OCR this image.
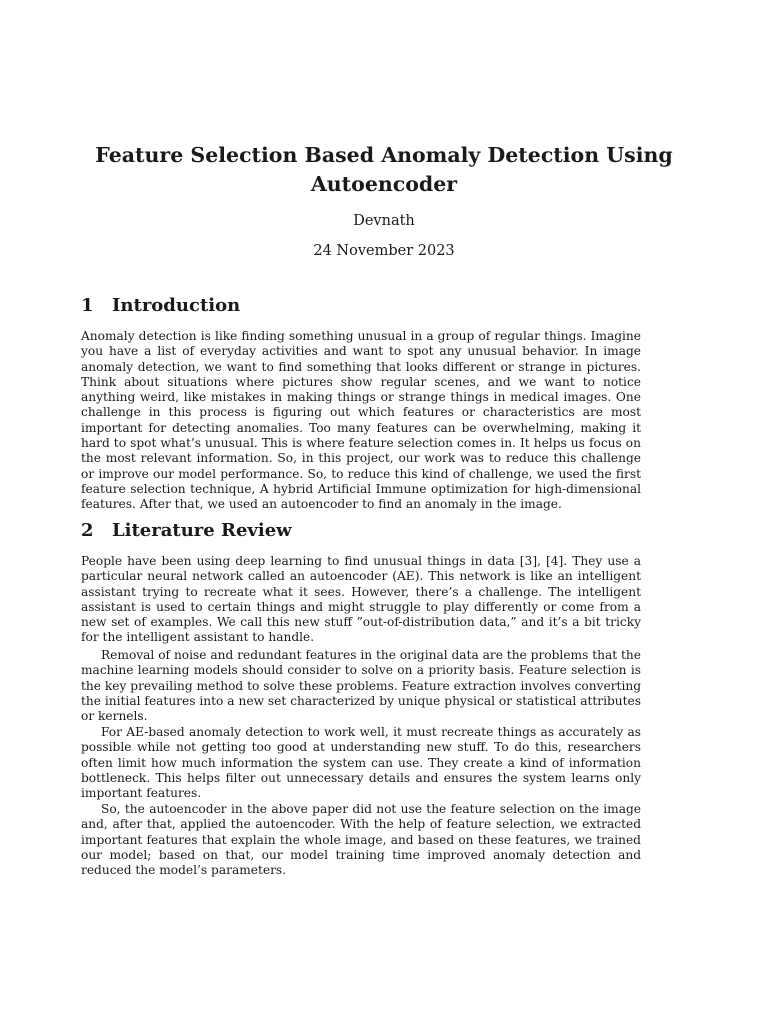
Feature Selection Based Anomaly Detection Using Autoencoder
Devnath
24 November 2023
1 Introduction

Anomaly detection is like finding something unusual in a group of regular things. Imagine you have a list of everyday activities and want to spot any unusual behavior. In image anomaly detection, we want to find something that looks different or strange in pictures. Think about situations where pictures show regular scenes, and we want to notice anything weird, like mistakes in making things or strange things in medical images. One challenge in this process is figuring out which features or characteristics are most important for detecting anomalies. Too many features can be overwhelming, making it hard to spot what’s unusual. This is where feature selection comes in. It helps us focus on the most relevant information. So, in this project, our work was to reduce this challenge or improve our model performance. So, to reduce this kind of challenge, we used the first feature selection technique, A hybrid Artificial Immune optimization for high-dimensional features. After that, we used an autoencoder to find an anomaly in the image.

2 Literature Review

People have been using deep learning to find unusual things in data [3], [4]. They use a particular neural network called an autoencoder (AE). This network is like an intelligent assistant trying to recreate what it sees. However, there’s a challenge. The intelligent assistant is used to certain things and might struggle to play differently or come from a new set of examples. We call this new stuff ”out-of-distribution data,” and it’s a bit tricky for the intelligent assistant to handle.

Removal of noise and redundant features in the original data are the problems that the machine learning models should consider to solve on a priority basis. Feature selection is the key prevailing method to solve these problems. Feature extraction involves converting the initial features into a new set characterized by unique physical or statistical attributes or kernels.

For AE-based anomaly detection to work well, it must recreate things as accurately as possible while not getting too good at understanding new stuff. To do this, researchers often limit how much information the system can use. They create a kind of information bottleneck. This helps filter out unnecessary details and ensures the system learns only important features.

So, the autoencoder in the above paper did not use the feature selection on the image and, after that, applied the autoencoder. With the help of feature selection, we extracted important features that explain the whole image, and based on these features, we trained our model; based on that, our model training time improved anomaly detection and reduced the model’s parameters.
